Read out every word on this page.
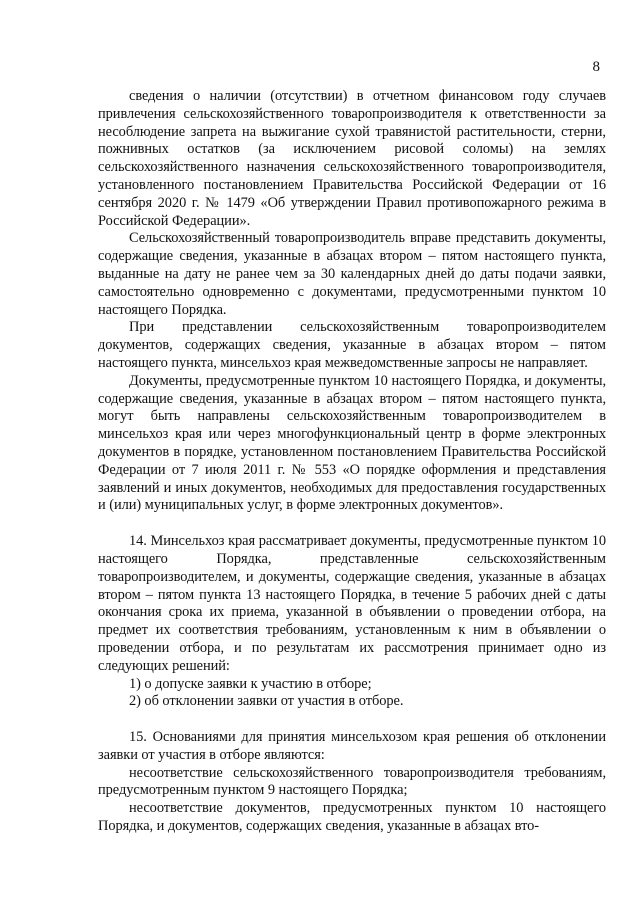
8

сведения о наличии (отсутствии) в отчетном финансовом году случаев привлечения сельскохозяйственного товаропроизводителя к ответственности за несоблюдение запрета на выжигание сухой травянистой растительности, стерни, пожнивных остатков (за исключением рисовой соломы) на землях сельскохозяйственного назначения сельскохозяйственного товаропроизводителя, установленного постановлением Правительства Российской Федерации от 16 сентября 2020 г. № 1479 «Об утверждении Правил противопожарного режима в Российской Федерации».

Сельскохозяйственный товаропроизводитель вправе представить документы, содержащие сведения, указанные в абзацах втором – пятом настоящего пункта, выданные на дату не ранее чем за 30 календарных дней до даты подачи заявки, самостоятельно одновременно с документами, предусмотренными пунктом 10 настоящего Порядка.

При представлении сельскохозяйственным товаропроизводителем документов, содержащих сведения, указанные в абзацах втором – пятом настоящего пункта, минсельхоз края межведомственные запросы не направляет.

Документы, предусмотренные пунктом 10 настоящего Порядка, и документы, содержащие сведения, указанные в абзацах втором – пятом настоящего пункта, могут быть направлены сельскохозяйственным товаропроизводителем в минсельхоз края или через многофункциональный центр в форме электронных документов в порядке, установленном постановлением Правительства Российской Федерации от 7 июля 2011 г. № 553 «О порядке оформления и представления заявлений и иных документов, необходимых для предоставления государственных и (или) муниципальных услуг, в форме электронных документов».

14. Минсельхоз края рассматривает документы, предусмотренные пунктом 10 настоящего Порядка, представленные сельскохозяйственным товаропроизводителем, и документы, содержащие сведения, указанные в абзацах втором – пятом пункта 13 настоящего Порядка, в течение 5 рабочих дней с даты окончания срока их приема, указанной в объявлении о проведении отбора, на предмет их соответствия требованиям, установленным к ним в объявлении о проведении отбора, и по результатам их рассмотрения принимает одно из следующих решений:

1) о допуске заявки к участию в отборе;

2) об отклонении заявки от участия в отборе.

15. Основаниями для принятия минсельхозом края решения об отклонении заявки от участия в отборе являются:

несоответствие сельскохозяйственного товаропроизводителя требованиям, предусмотренным пунктом 9 настоящего Порядка;

несоответствие документов, предусмотренных пунктом 10 настоящего Порядка, и документов, содержащих сведения, указанные в абзацах вто-
